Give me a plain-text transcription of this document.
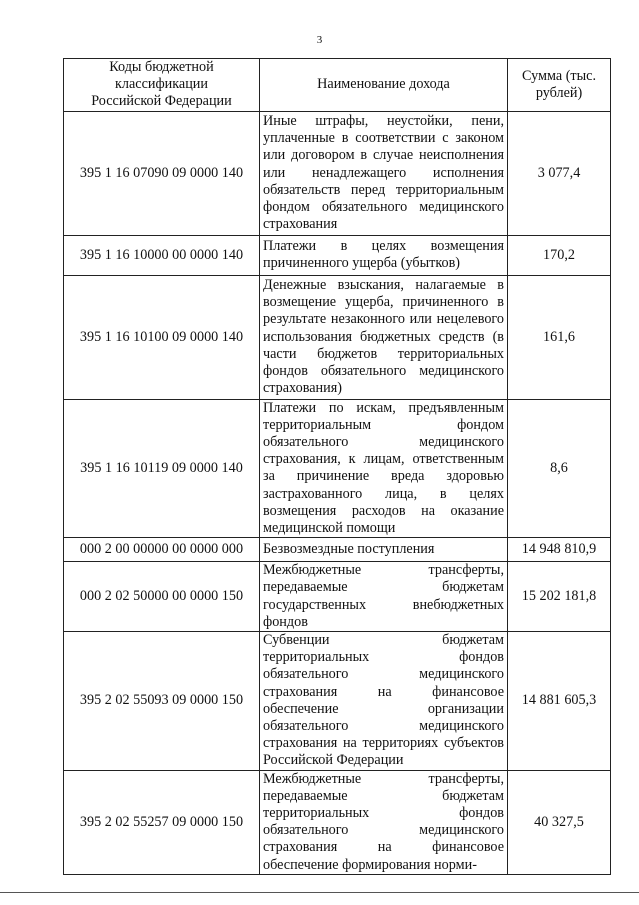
3
Коды бюджетной классификации Российской Федерации	Наименование дохода	Сумма (тыс. рублей)
395 1 16 07090 09 0000 140	Иные штрафы, неустойки, пени, уплаченные в соответствии с законом или договором в случае неисполнения или ненадлежащего исполнения обязательств перед территориальным фондом обязательного медицинского страхования	3 077,4
395 1 16 10000 00 0000 140	Платежи в целях возмещения причиненного ущерба (убытков)	170,2
395 1 16 10100 09 0000 140	Денежные взыскания, налагаемые в возмещение ущерба, причиненного в результате незаконного или нецелевого использования бюджетных средств (в части бюджетов территориальных фондов обязательного медицинского страхования)	161,6
395 1 16 10119 09 0000 140	Платежи по искам, предъявленным территориальным фондом обязательного медицинского страхования, к лицам, ответственным за причинение вреда здоровью застрахованного лица, в целях возмещения расходов на оказание медицинской помощи	8,6
000 2 00 00000 00 0000 000	Безвозмездные поступления	14 948 810,9
000 2 02 50000 00 0000 150	Межбюджетные трансферты, передаваемые бюджетам государственных внебюджетных фондов	15 202 181,8
395 2 02 55093 09 0000 150	Субвенции бюджетам территориальных фондов обязательного медицинского страхования на финансовое обеспечение организации обязательного медицинского страхования на территориях субъектов Российской Федерации	14 881 605,3
395 2 02 55257 09 0000 150	Межбюджетные трансферты, передаваемые бюджетам территориальных фондов обязательного медицинского страхования на финансовое обеспечение формирования норми-	40 327,5
